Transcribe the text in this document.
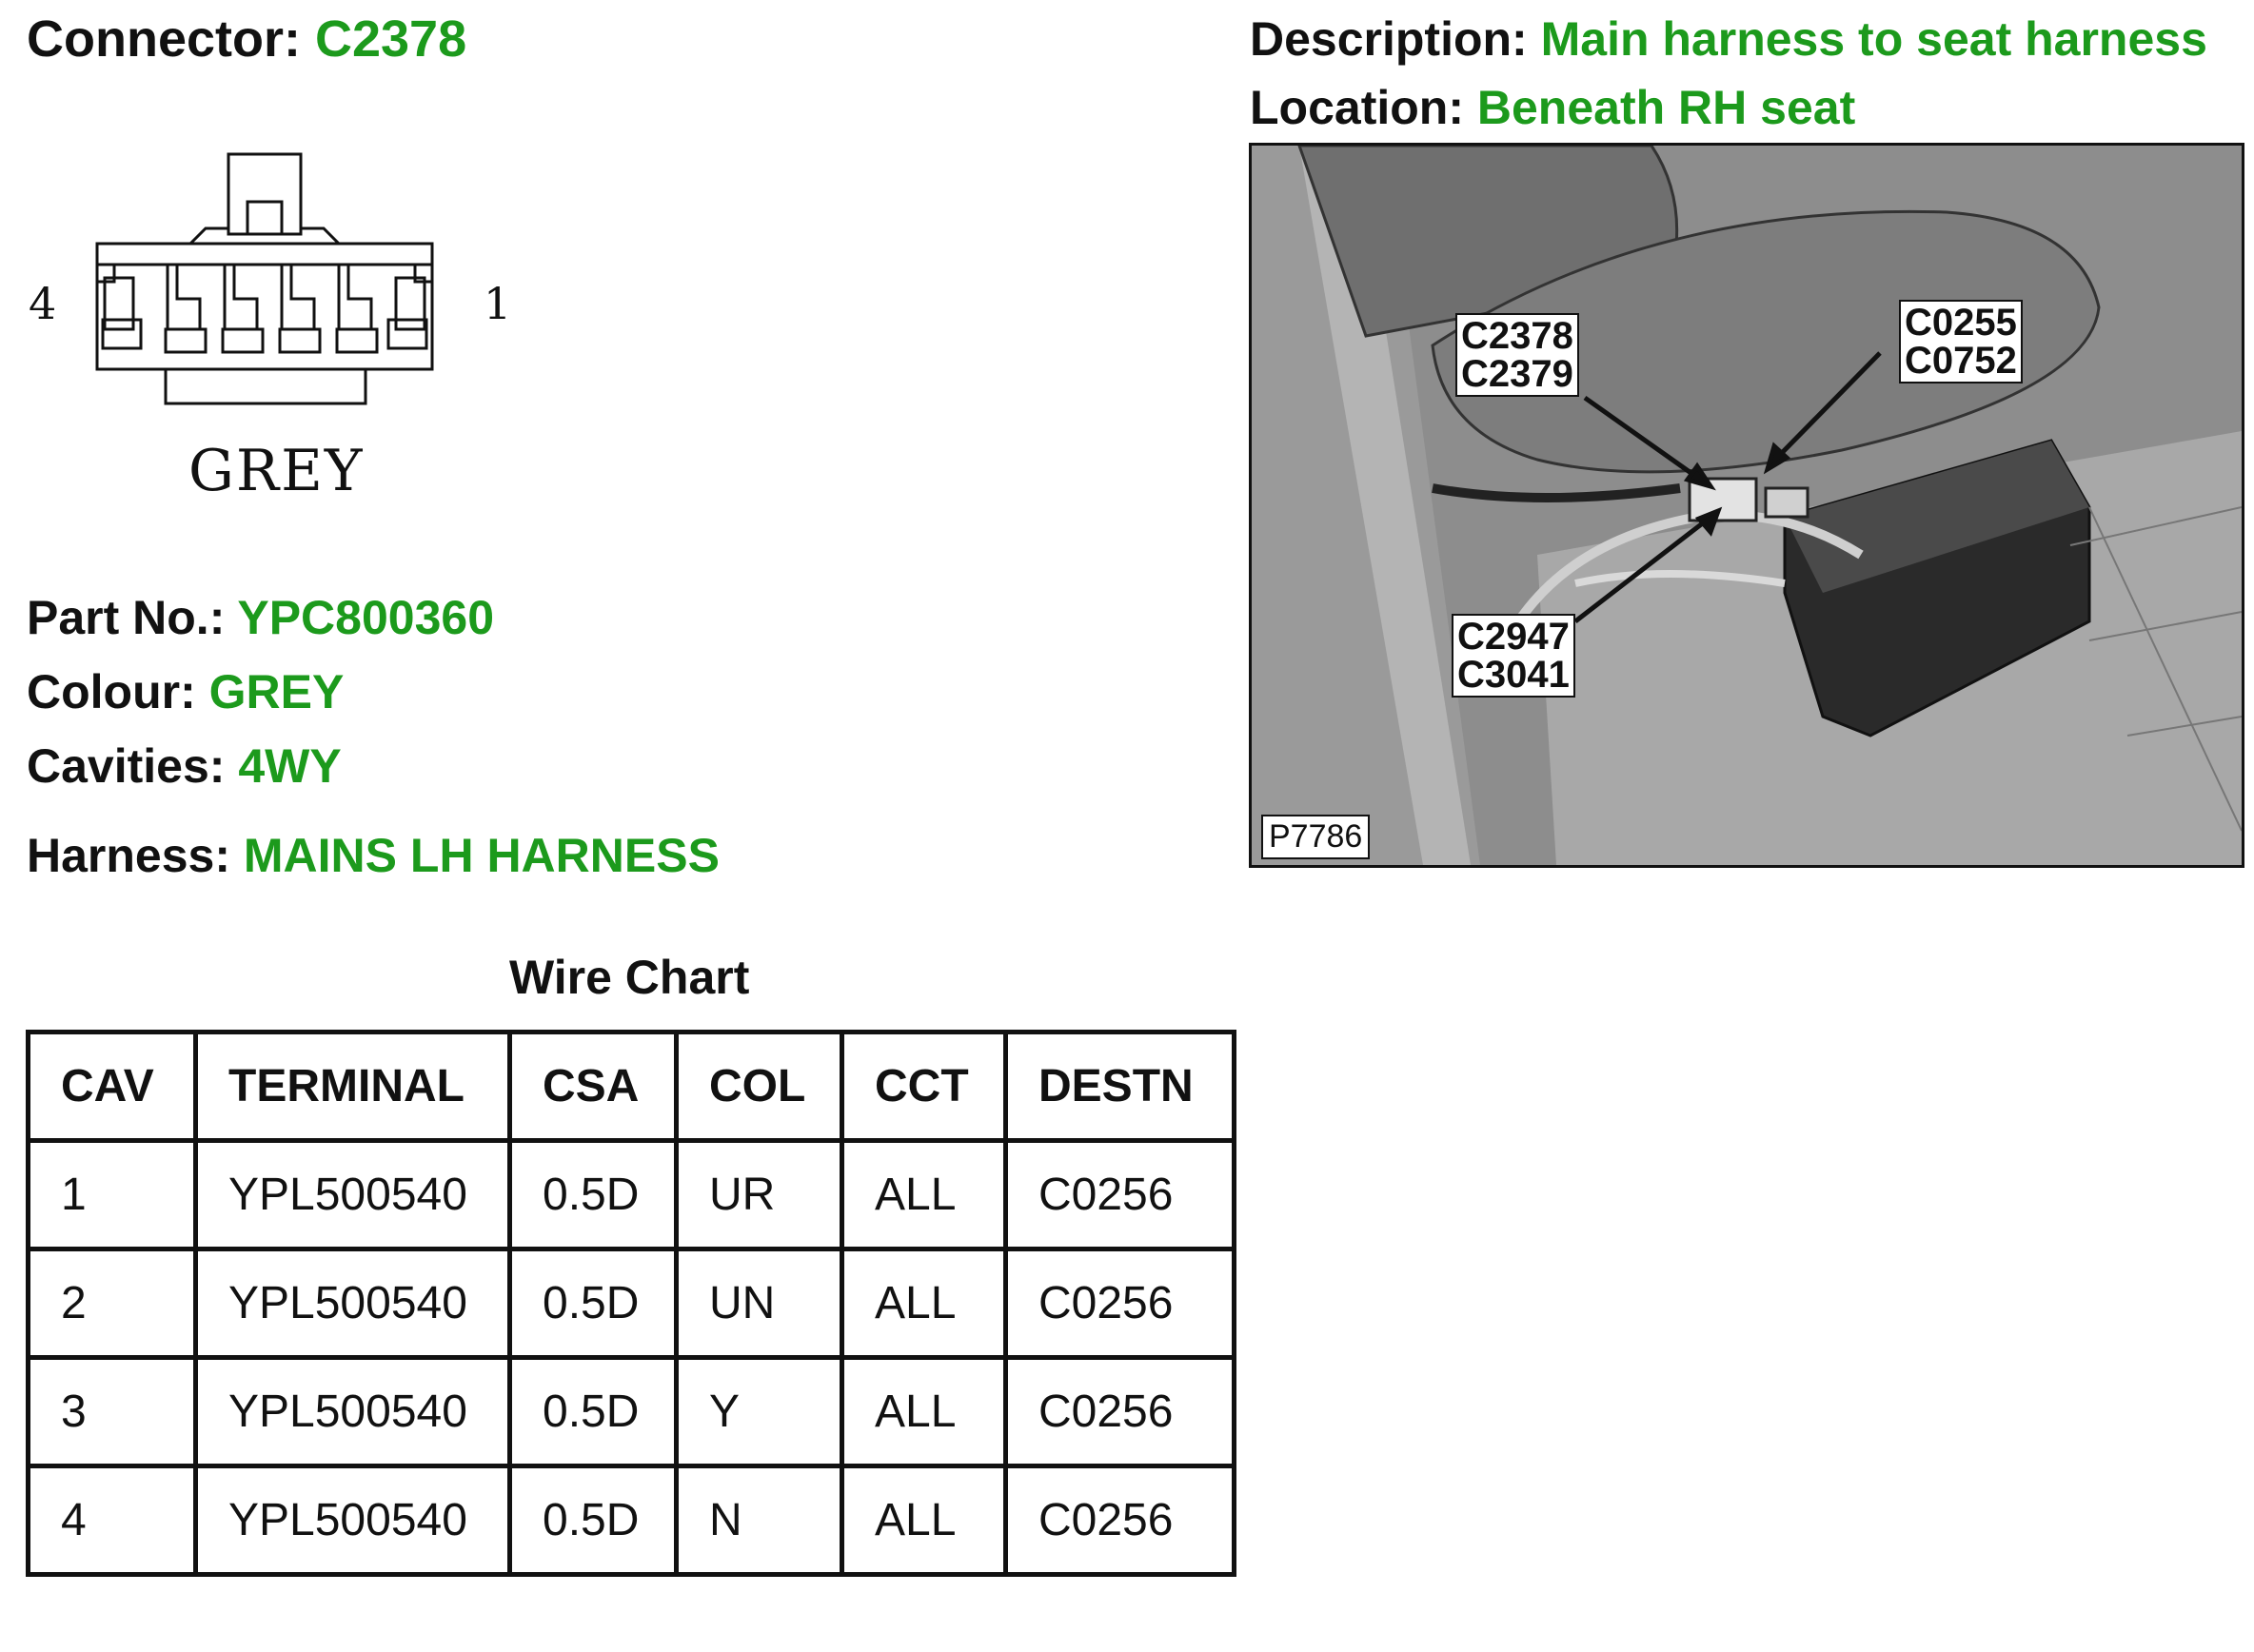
Connector: C2378	Description: Main harness to seat harness
Location: Beneath RH seat
4	1
GREY
Part No.: YPC800360
Colour: GREY
Cavities: 4WY
Harness: MAINS LH HARNESS
C2378
C2379
C0255
C0752
C2947
C3041
P7786
Wire Chart
CAV	TERMINAL	CSA	COL	CCT	DESTN
1	YPL500540	0.5D	UR	ALL	C0256
2	YPL500540	0.5D	UN	ALL	C0256
3	YPL500540	0.5D	Y	ALL	C0256
4	YPL500540	0.5D	N	ALL	C0256
